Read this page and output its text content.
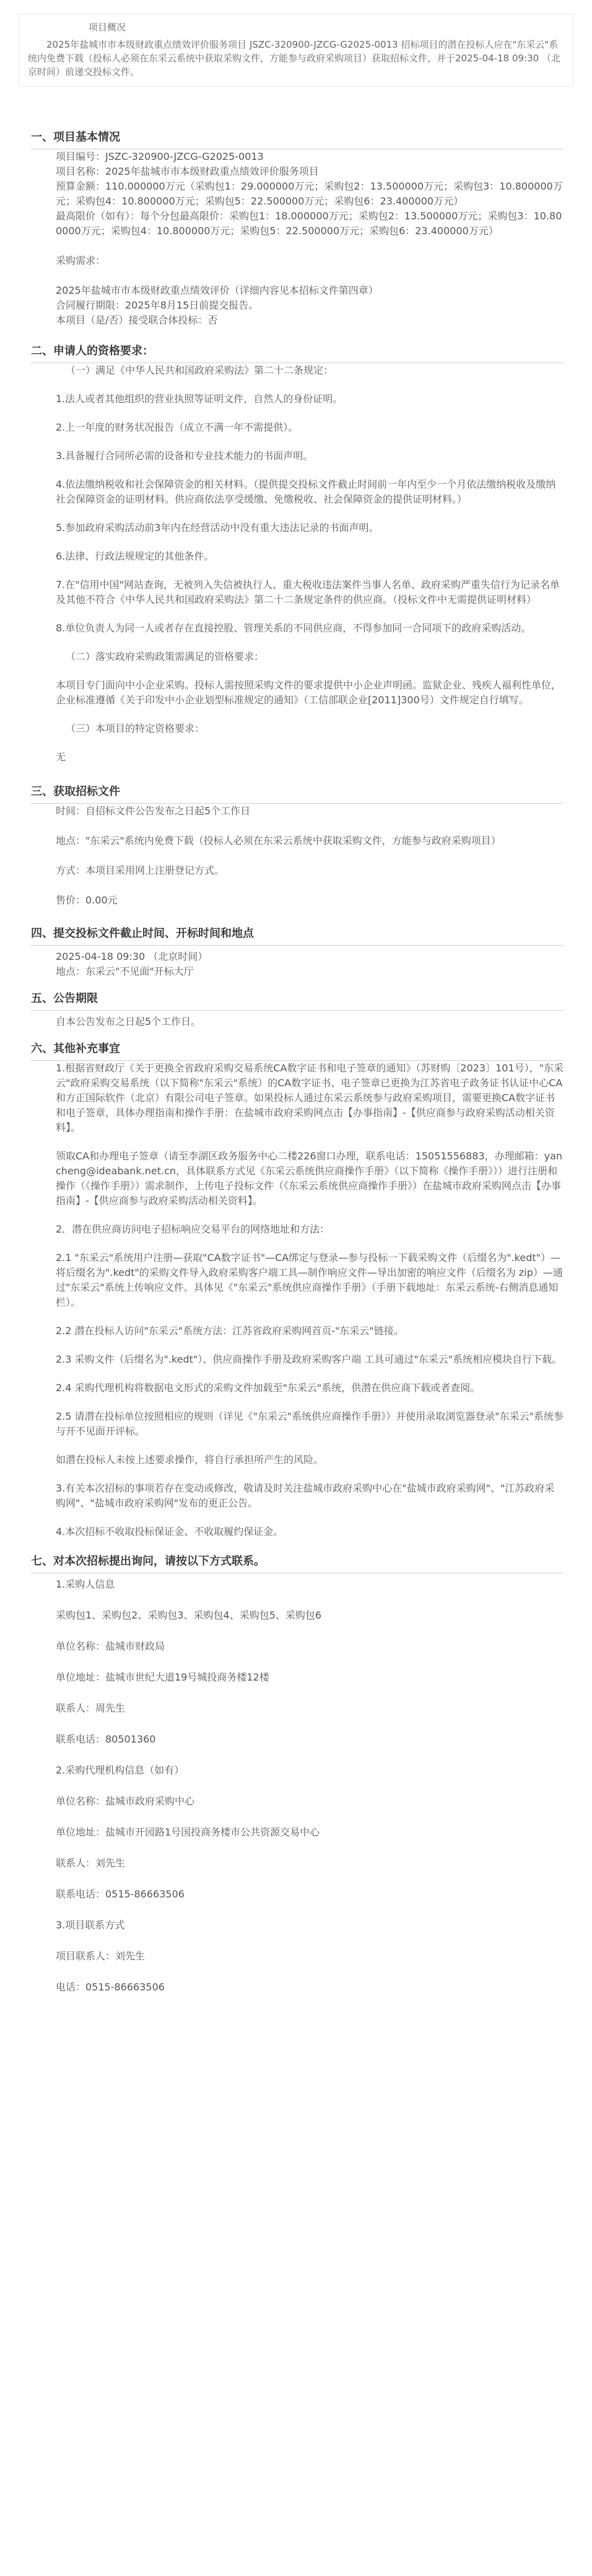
项目概况

2025年盐城市市本级财政重点绩效评价服务项目 JSZC-320900-JZCG-G2025-0013 招标项目的潜在投标人应在"东采云"系统内免费下载（投标人必须在东采云系统中获取采购文件，方能参与政府采购项目）获取招标文件，并于2025-04-18 09:30 （北京时间）前递交投标文件。

一、项目基本情况

项目编号：JSZC-320900-JZCG-G2025-0013

项目名称：2025年盐城市市本级财政重点绩效评价服务项目

预算金额：110.000000万元（采购包1：29.000000万元；采购包2：13.500000万元；采购包3：10.800000万元；采购包4：10.800000万元；采购包5：22.500000万元；采购包6：23.400000万元）

最高限价（如有）：每个分包最高限价：采购包1：18.000000万元；采购包2：13.500000万元；采购包3：10.800000万元；采购包4：10.800000万元；采购包5：22.500000万元；采购包6：23.400000万元）

采购需求：

2025年盐城市市本级财政重点绩效评价（详细内容见本招标文件第四章）

合同履行期限：2025年8月15日前提交报告。

本项目（是/否）接受联合体投标：否

二、申请人的资格要求：

（一）满足《中华人民共和国政府采购法》第二十二条规定：

1.法人或者其他组织的营业执照等证明文件，自然人的身份证明。

2.上一年度的财务状况报告（成立不满一年不需提供）。

3.具备履行合同所必需的设备和专业技术能力的书面声明。

4.依法缴纳税收和社会保障资金的相关材料。（提供提交投标文件截止时间前一年内至少一个月依法缴纳税收及缴纳社会保障资金的证明材料。供应商依法享受缓缴、免缴税收、社会保障资金的提供证明材料。）

5.参加政府采购活动前3年内在经营活动中没有重大违法记录的书面声明。

6.法律、行政法规规定的其他条件。

7.在"信用中国"网站查询，无被列入失信被执行人、重大税收违法案件当事人名单、政府采购严重失信行为记录名单及其他不符合《中华人民共和国政府采购法》第二十二条规定条件的供应商。（投标文件中无需提供证明材料）

8.单位负责人为同一人或者存在直接控股、管理关系的不同供应商，不得参加同一合同项下的政府采购活动。

（二）落实政府采购政策需满足的资格要求：

本项目专门面向中小企业采购。投标人需按照采购文件的要求提供中小企业声明函。监狱企业、残疾人福利性单位，企业标准遵循《关于印发中小企业划型标准规定的通知》（工信部联企业[2011]300号）文件规定自行填写。

（三）本项目的特定资格要求：

无

三、获取招标文件

时间：自招标文件公告发布之日起5个工作日

地点："东采云"系统内免费下载（投标人必须在东采云系统中获取采购文件，方能参与政府采购项目）

方式：本项目采用网上注册登记方式。

售价：0.00元

四、提交投标文件截止时间、开标时间和地点

2025-04-18 09:30 （北京时间）

地点：东采云"不见面"开标大厅

五、公告期限

自本公告发布之日起5个工作日。

六、其他补充事宜

1.根据省财政厅《关于更换全省政府采购交易系统CA数字证书和电子签章的通知》（苏财购〔2023〕101号），"东采云"政府采购交易系统（以下简称"东采云"系统）的CA数字证书、电子签章已更换为江苏省电子政务证书认证中心CA和方正国际软件（北京）有限公司电子签章。如果投标人通过东采云系统参与政府采购项目，需要更换CA数字证书和电子签章，具体办理指南和操作手册：在盐城市政府采购网点击【办事指南】-【供应商参与政府采购活动相关资料】。

领取CA和办理电子签章（请至李湖区政务服务中心二楼226窗口办理，联系电话：15051556883，办理邮箱：yancheng@ideabank.net.cn，具体联系方式见《东采云系统供应商操作手册》（以下简称《操作手册》））进行注册和操作（《操作手册》）需求制作，上传电子投标文件（《东采云系统供应商操作手册》）在盐城市政府采购网点击【办事指南】-【供应商参与政府采购活动相关资料】。

2．潜在供应商访问电子招标响应交易平台的网络地址和方法：

2.1 "东采云"系统用户注册—获取"CA数字证书"—CA绑定与登录—参与投标一下载采购文件（后缀名为".kedt"）—将后缀名为".kedt"的采购文件导入政府采购客户端工具—制作响应文件—导出加密的响应文件（后缀名为 zip）—通过"东采云"系统上传响应文件。具体见《"东采云"系统供应商操作手册》（手册下载地址：东采云系统-右侧消息通知栏）。

2.2 潜在投标人访问"东采云"系统方法：江苏省政府采购网首页-"东采云"链接。

2.3 采购文件（后缀名为".kedt"）、供应商操作手册及政府采购客户端 工具可通过"东采云"系统相应模块自行下载。

2.4 采购代理机构将数据电文形式的采购文件加载至"东采云"系统，供潜在供应商下载或者查阅。

2.5 请潜在投标单位按照相应的规则（详见《"东采云"系统供应商操作手册》）并使用录取浏览器登录"东采云"系统参与开不见面开评标。

如潜在投标人未按上述要求操作，将自行承担所产生的风险。

3.有关本次招标的事项若存在变动或修改，敬请及时关注盐城市政府采购中心在"盐城市政府采购网"、"江苏政府采购网"、"盐城市政府采购网"发布的更正公告。

4.本次招标不收取投标保证金、不收取履约保证金。

七、对本次招标提出询问，请按以下方式联系。

1.采购人信息

采购包1、采购包2、采购包3、采购包4、采购包5、采购包6

单位名称：盐城市财政局

单位地址：盐城市世纪大道19号城投商务楼12楼

联系人：周先生

联系电话：80501360

2.采购代理机构信息（如有）

单位名称：盐城市政府采购中心

单位地址：盐城市开园路1号国投商务楼市公共资源交易中心

联系人：刘先生

联系电话：0515-86663506

3.项目联系方式

项目联系人：刘先生

电话：0515-86663506
